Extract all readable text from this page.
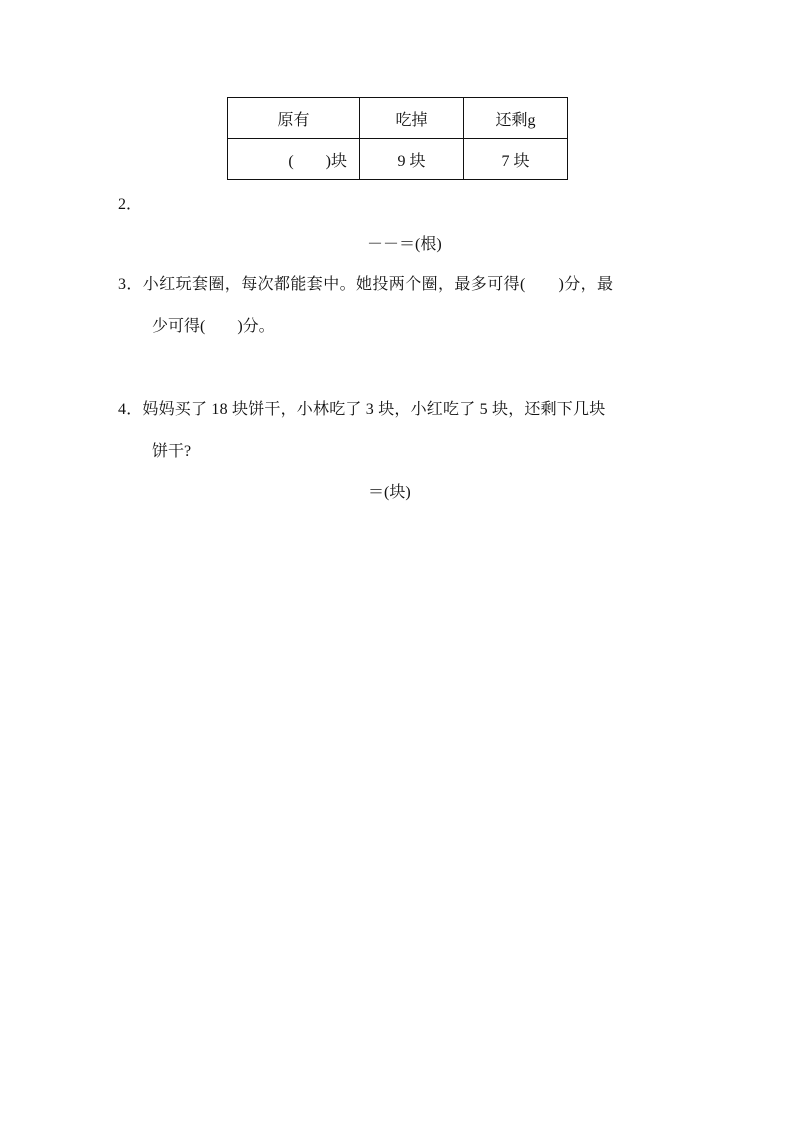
原有	吃掉	还剩g
(　　)块	9 块	7 块
2．
－－＝(根)
3．小红玩套圈，每次都能套中。她投两个圈，最多可得(　　)分，最
少可得(　　)分。
4．妈妈买了 18 块饼干，小林吃了 3 块，小红吃了 5 块，还剩下几块
饼干?
＝(块)
